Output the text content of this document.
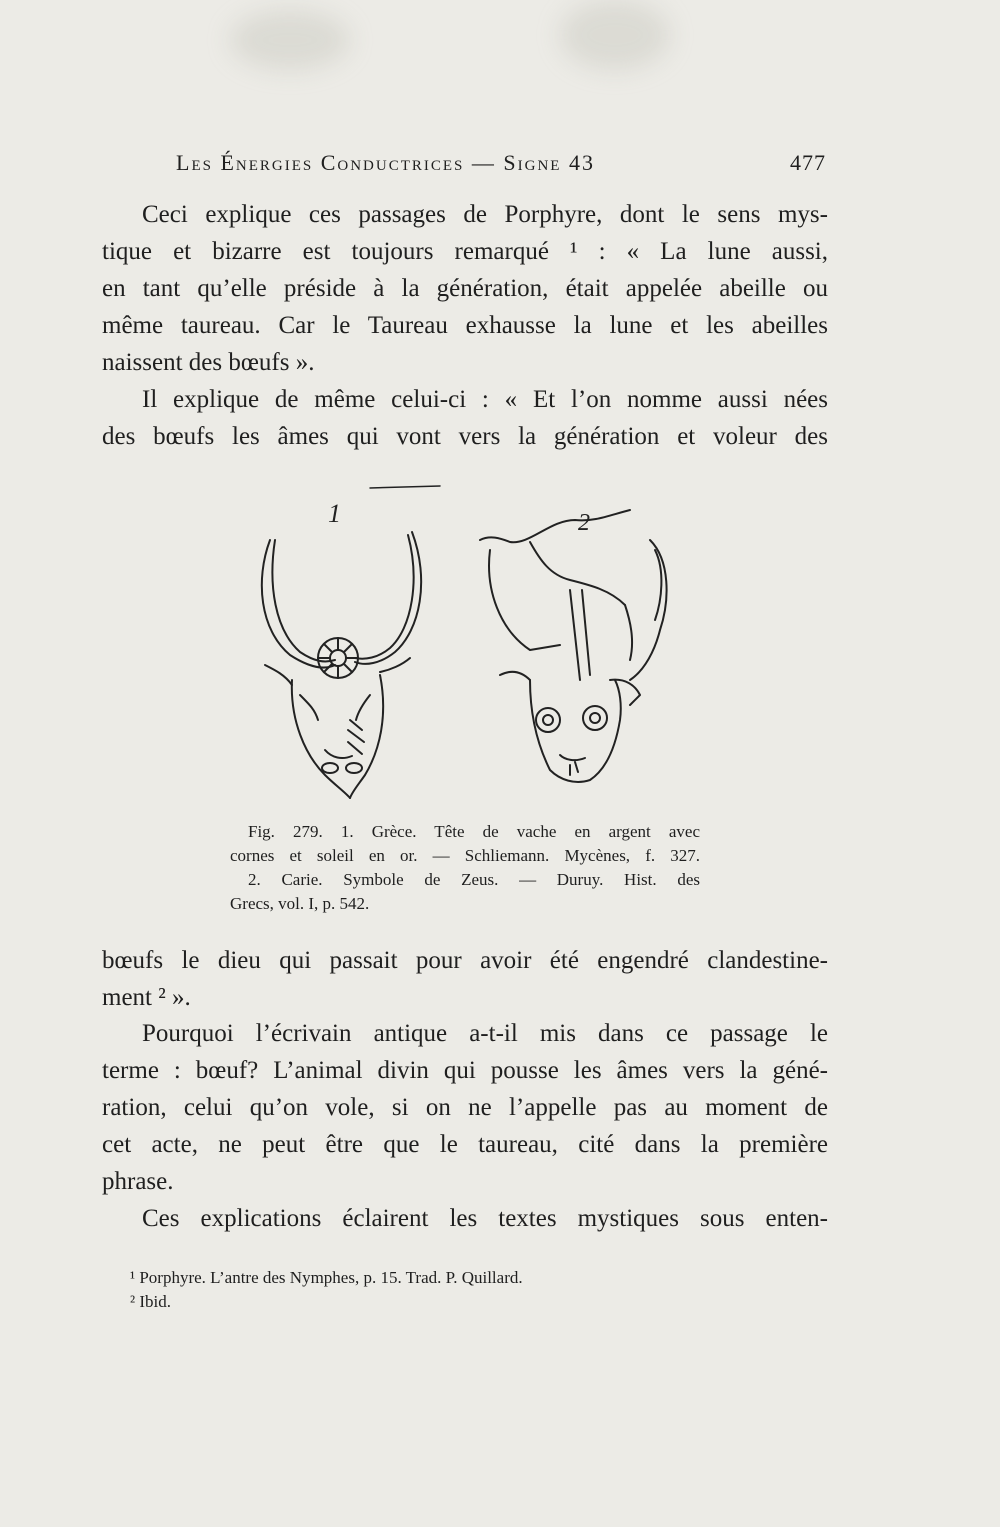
Les Énergies Conductrices — Signe 43	477
Ceci explique ces passages de Porphyre, dont le sens mys-
tique et bizarre est toujours remarqué ¹ : « La lune aussi,
en tant qu’elle préside à la génération, était appelée abeille ou
même taureau. Car le Taureau exhausse la lune et les abeilles
naissent des bœufs ».
Il explique de même celui-ci : « Et l’on nomme aussi nées
des bœufs les âmes qui vont vers la génération et voleur des
1	2
Fig. 279. 1. Grèce. Tête de vache en argent avec
cornes et soleil en or. — Schliemann. Mycènes, f. 327.
2. Carie. Symbole de Zeus. — Duruy. Hist. des
Grecs, vol. I, p. 542.
bœufs le dieu qui passait pour avoir été engendré clandestine-
ment ² ».
Pourquoi l’écrivain antique a-t-il mis dans ce passage le
terme : bœuf? L’animal divin qui pousse les âmes vers la géné-
ration, celui qu’on vole, si on ne l’appelle pas au moment de
cet acte, ne peut être que le taureau, cité dans la première
phrase.
Ces explications éclairent les textes mystiques sous enten-
¹ Porphyre. L’antre des Nymphes, p. 15. Trad. P. Quillard.
² Ibid.
